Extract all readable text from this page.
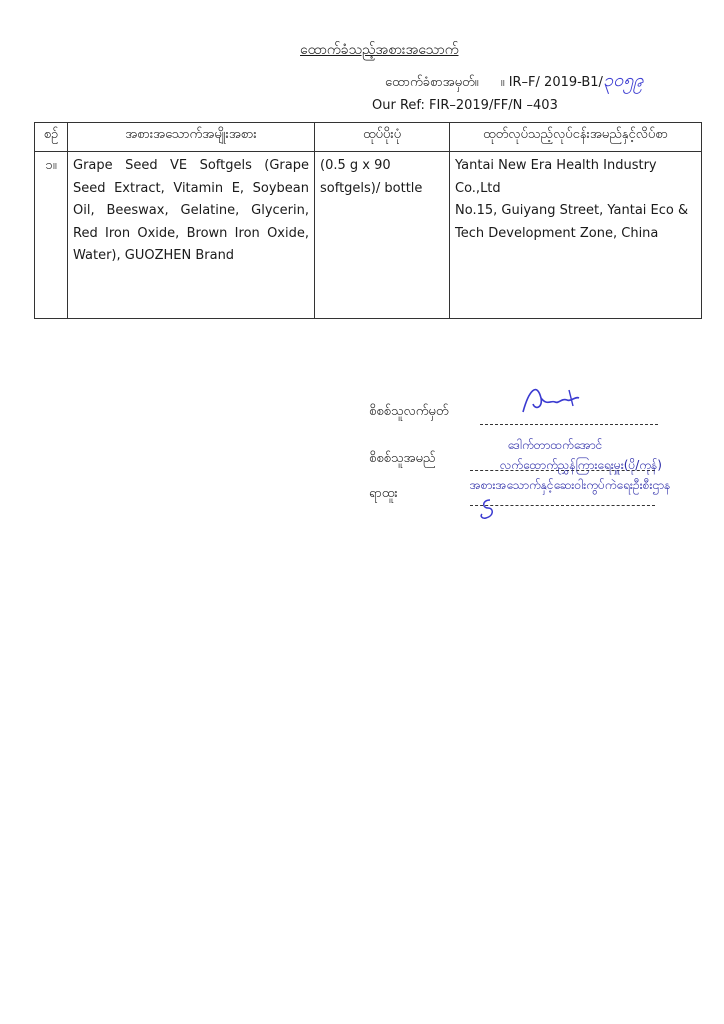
ထောက်ခံသည့်အစားအသောက်
ထောက်ခံစာအမှတ်။ ။ IR–F/ 2019-B1/၃၀၅၉
Our Ref: FIR–2019/FF/N –403
စဉ်	အစားအသောက်အမျိုးအစား	ထုပ်ပိုးပုံ	ထုတ်လုပ်သည့်လုပ်ငန်းအမည်နှင့်လိပ်စာ
၁။	Grape Seed VE Softgels (Grape Seed Extract, Vitamin E, Soybean Oil, Beeswax, Gelatine, Glycerin, Red Iron Oxide, Brown Iron Oxide, Water), GUOZHEN Brand	(0.5 g x 90 softgels)/ bottle	Yantai New Era Health Industry Co.,Ltd
No.15, Guiyang Street, Yantai Eco & Tech Development Zone, China
စိစစ်သူလက်မှတ်
စိစစ်သူအမည်
ရာထူး
ဒေါက်တာထက်အောင်
လက်ထောက်ညွှန်ကြားရေးမှူး(ပို/ကုန်)
အစားအသောက်နှင့်ဆေးဝါးကွပ်ကဲရေးဦးစီးဌာန
